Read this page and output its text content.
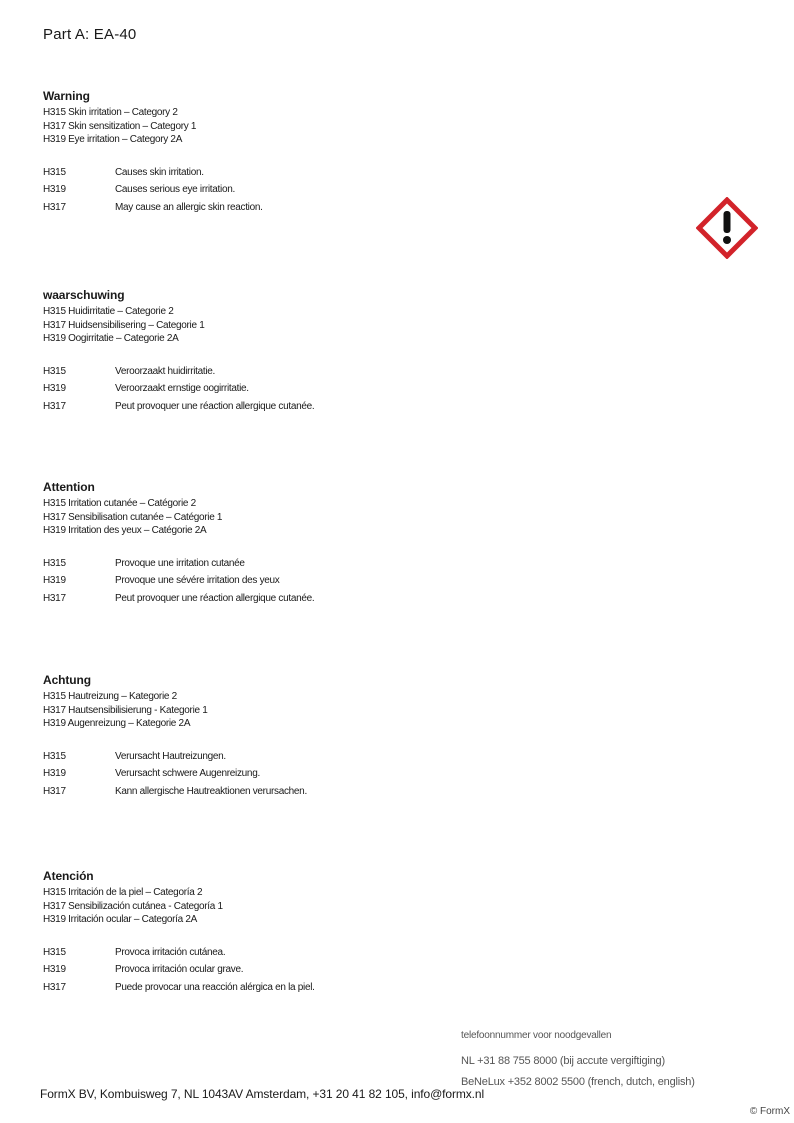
Part A: EA-40
Warning
H315 Skin irritation – Category 2
H317 Skin sensitization – Category 1
H319 Eye irritation – Category 2A
H315	Causes skin irritation.
H319	Causes serious eye irritation.
H317	May cause an allergic skin reaction.
waarschuwing
H315 Huidirritatie – Categorie 2
H317 Huidsensibilisering – Categorie 1
H319 Oogirritatie – Categorie 2A
H315	Veroorzaakt huidirritatie.
H319	Veroorzaakt ernstige oogirritatie.
H317	Peut provoquer une réaction allergique cutanée.
Attention
H315 Irritation cutanée – Catégorie 2
H317 Sensibilisation cutanée – Catégorie 1
H319 Irritation des yeux – Catégorie 2A
H315	Provoque une irritation cutanée
H319	Provoque une sévére irritation des yeux
H317	Peut provoquer une réaction allergique cutanée.
Achtung
H315 Hautreizung – Kategorie 2
H317 Hautsensibilisierung - Kategorie 1
H319 Augenreizung – Kategorie 2A
H315	Verursacht Hautreizungen.
H319	Verursacht schwere Augenreizung.
H317	Kann allergische Hautreaktionen verursachen.
Atención
H315 Irritación de la piel – Categoría 2
H317 Sensibilización cutánea - Categoría 1
H319 Irritación ocular – Categoría 2A
H315	Provoca irritación cutánea.
H319	Provoca irritación ocular grave.
H317	Puede provocar una reacción alérgica en la piel.
telefoonnummer voor noodgevallen
NL +31 88 755 8000 (bij accute vergiftiging)
BeNeLux +352 8002 5500 (french, dutch, english)
FormX BV, Kombuisweg 7, NL 1043AV Amsterdam, +31 20 41 82 105, info@formx.nl
© FormX
